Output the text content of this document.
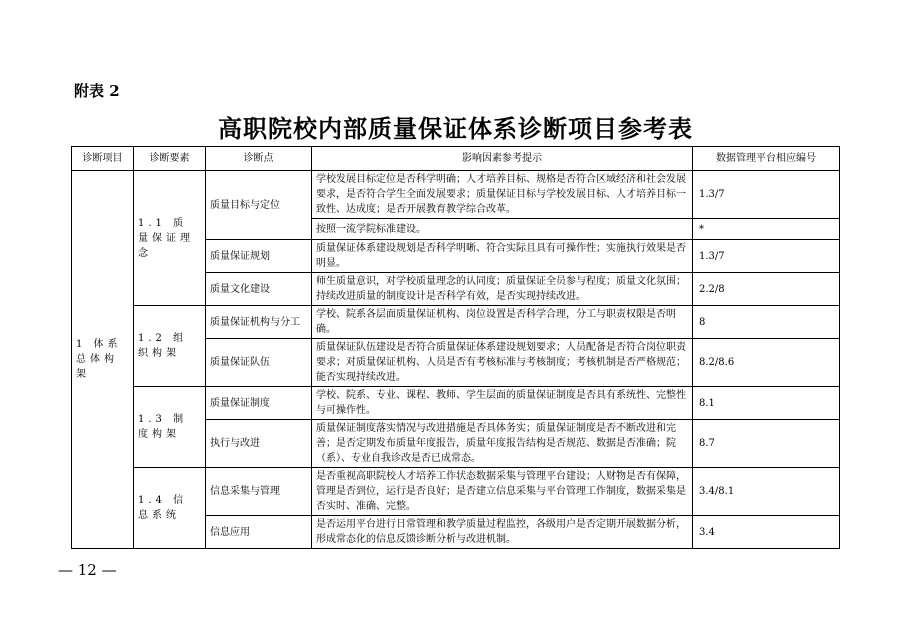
附表 2
高职院校内部质量保证体系诊断项目参考表
诊断项目	诊断要素	诊断点	影响因素参考提示	数据管理平台相应编号
1 体系总体构架	1.1 质量保证理念	质量目标与定位	学校发展目标定位是否科学明确；人才培养目标、规格是否符合区域经济和社会发展要求，是否符合学生全面发展要求；质量保证目标与学校发展目标、人才培养目标一致性、达成度；是否开展教育教学综合改革。	1.3/7
			按照一流学院标准建设。	*
		质量保证规划	质量保证体系建设规划是否科学明晰、符合实际且具有可操作性；实施执行效果是否明显。	1.3/7
		质量文化建设	师生质量意识，对学校质量理念的认同度；质量保证全员参与程度；质量文化氛围；持续改进质量的制度设计是否科学有效，是否实现持续改进。	2.2/8
	1.2 组织构架	质量保证机构与分工	学校、院系各层面质量保证机构、岗位设置是否科学合理，分工与职责权限是否明确。	8
		质量保证队伍	质量保证队伍建设是否符合质量保证体系建设规划要求；人员配备是否符合岗位职责要求；对质量保证机构、人员是否有考核标准与考核制度；考核机制是否严格规范；能否实现持续改进。	8.2/8.6
	1.3 制度构架	质量保证制度	学校、院系、专业、课程、教师、学生层面的质量保证制度是否具有系统性、完整性与可操作性。	8.1
		执行与改进	质量保证制度落实情况与改进措施是否具体务实；质量保证制度是否不断改进和完善；是否定期发布质量年度报告，质量年度报告结构是否规范、数据是否准确；院（系）、专业自我诊改是否已成常态。	8.7
	1.4 信息系统	信息采集与管理	是否重视高职院校人才培养工作状态数据采集与管理平台建设；人财物是否有保障，管理是否到位，运行是否良好；是否建立信息采集与平台管理工作制度，数据采集是否实时、准确、完整。	3.4/8.1
		信息应用	是否运用平台进行日常管理和教学质量过程监控，各级用户是否定期开展数据分析，形成常态化的信息反馈诊断分析与改进机制。	3.4
— 12 —
